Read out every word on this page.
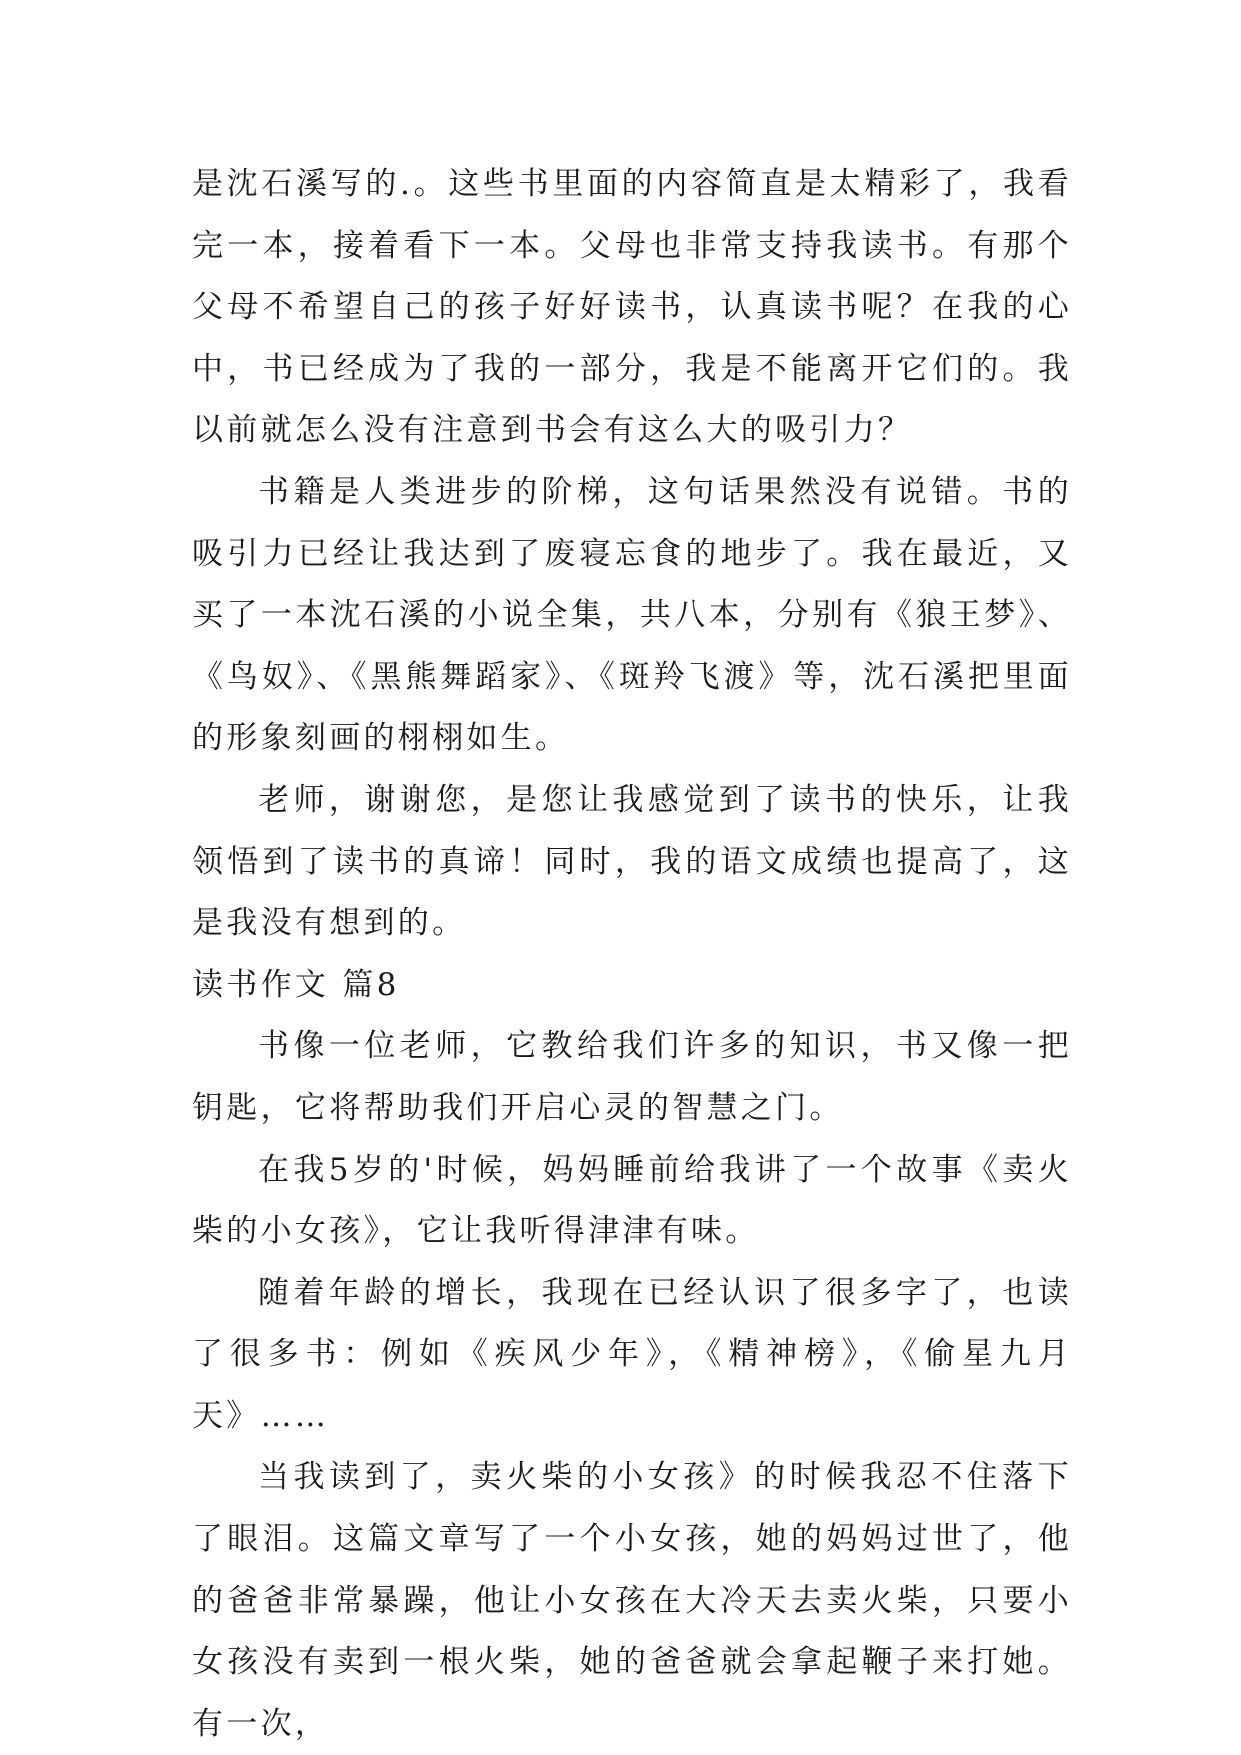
是沈石溪写的.。这些书里面的内容简直是太精彩了，我看完一本，接着看下一本。父母也非常支持我读书。有那个父母不希望自己的孩子好好读书，认真读书呢？在我的心中，书已经成为了我的一部分，我是不能离开它们的。我以前就怎么没有注意到书会有这么大的吸引力？

书籍是人类进步的阶梯，这句话果然没有说错。书的吸引力已经让我达到了废寝忘食的地步了。我在最近，又买了一本沈石溪的小说全集，共八本，分别有《狼王梦》、《鸟奴》、《黑熊舞蹈家》、《斑羚飞渡》等，沈石溪把里面的形象刻画的栩栩如生。

老师，谢谢您，是您让我感觉到了读书的快乐，让我领悟到了读书的真谛！同时，我的语文成绩也提高了，这是我没有想到的。

读书作文 篇8

书像一位老师，它教给我们许多的知识，书又像一把钥匙，它将帮助我们开启心灵的智慧之门。

在我5岁的'时候，妈妈睡前给我讲了一个故事《卖火柴的小女孩》，它让我听得津津有味。

随着年龄的增长，我现在已经认识了很多字了，也读了很多书：例如《疾风少年》，《精神榜》，《偷星九月天》……

当我读到了，卖火柴的小女孩》的时候我忍不住落下了眼泪。这篇文章写了一个小女孩，她的妈妈过世了，他的爸爸非常暴躁，他让小女孩在大冷天去卖火柴，只要小女孩没有卖到一根火柴，她的爸爸就会拿起鞭子来打她。有一次，
